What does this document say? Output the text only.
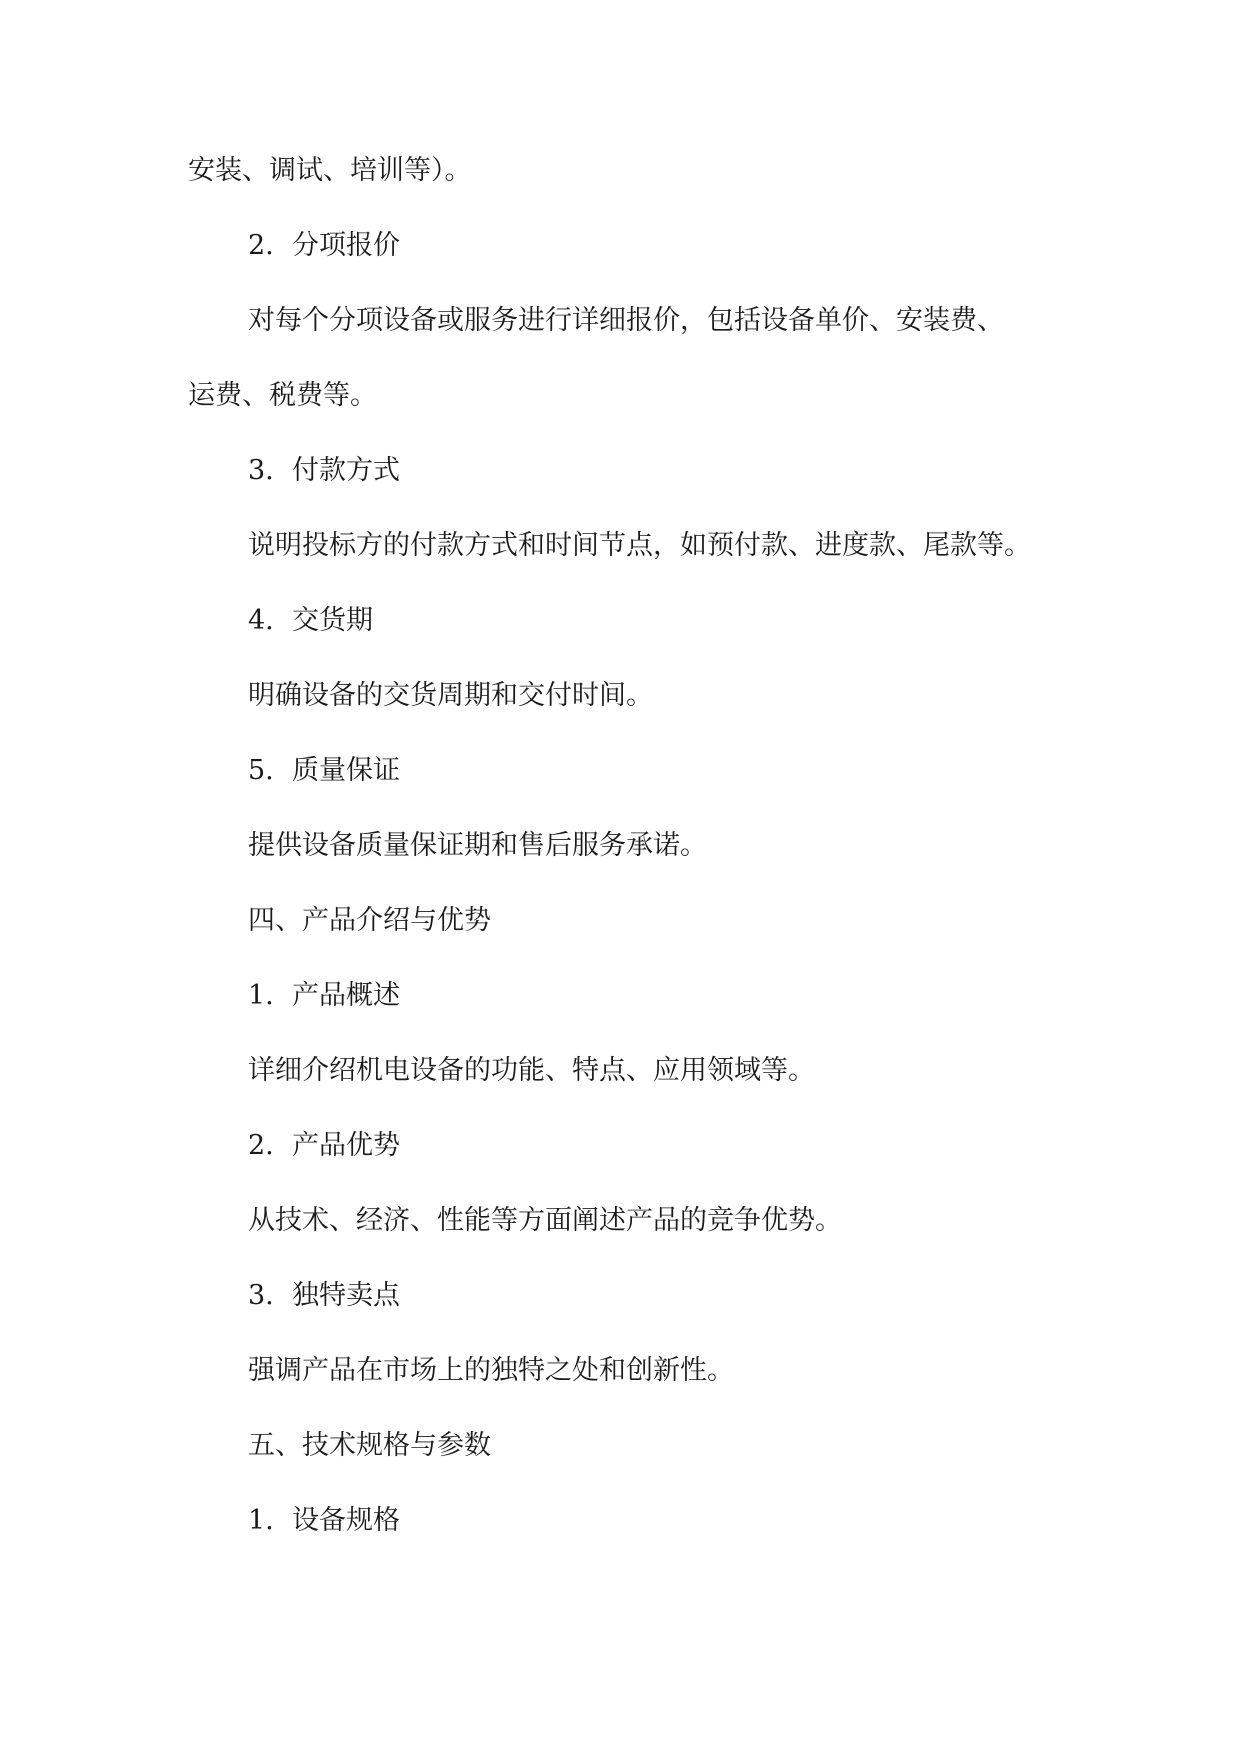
安装、调试、培训等）。
2. 分项报价
对每个分项设备或服务进行详细报价，包括设备单价、安装费、
运费、税费等。
3. 付款方式
说明投标方的付款方式和时间节点，如预付款、进度款、尾款等。
4. 交货期
明确设备的交货周期和交付时间。
5. 质量保证
提供设备质量保证期和售后服务承诺。
四、产品介绍与优势
1. 产品概述
详细介绍机电设备的功能、特点、应用领域等。
2. 产品优势
从技术、经济、性能等方面阐述产品的竞争优势。
3. 独特卖点
强调产品在市场上的独特之处和创新性。
五、技术规格与参数
1. 设备规格
